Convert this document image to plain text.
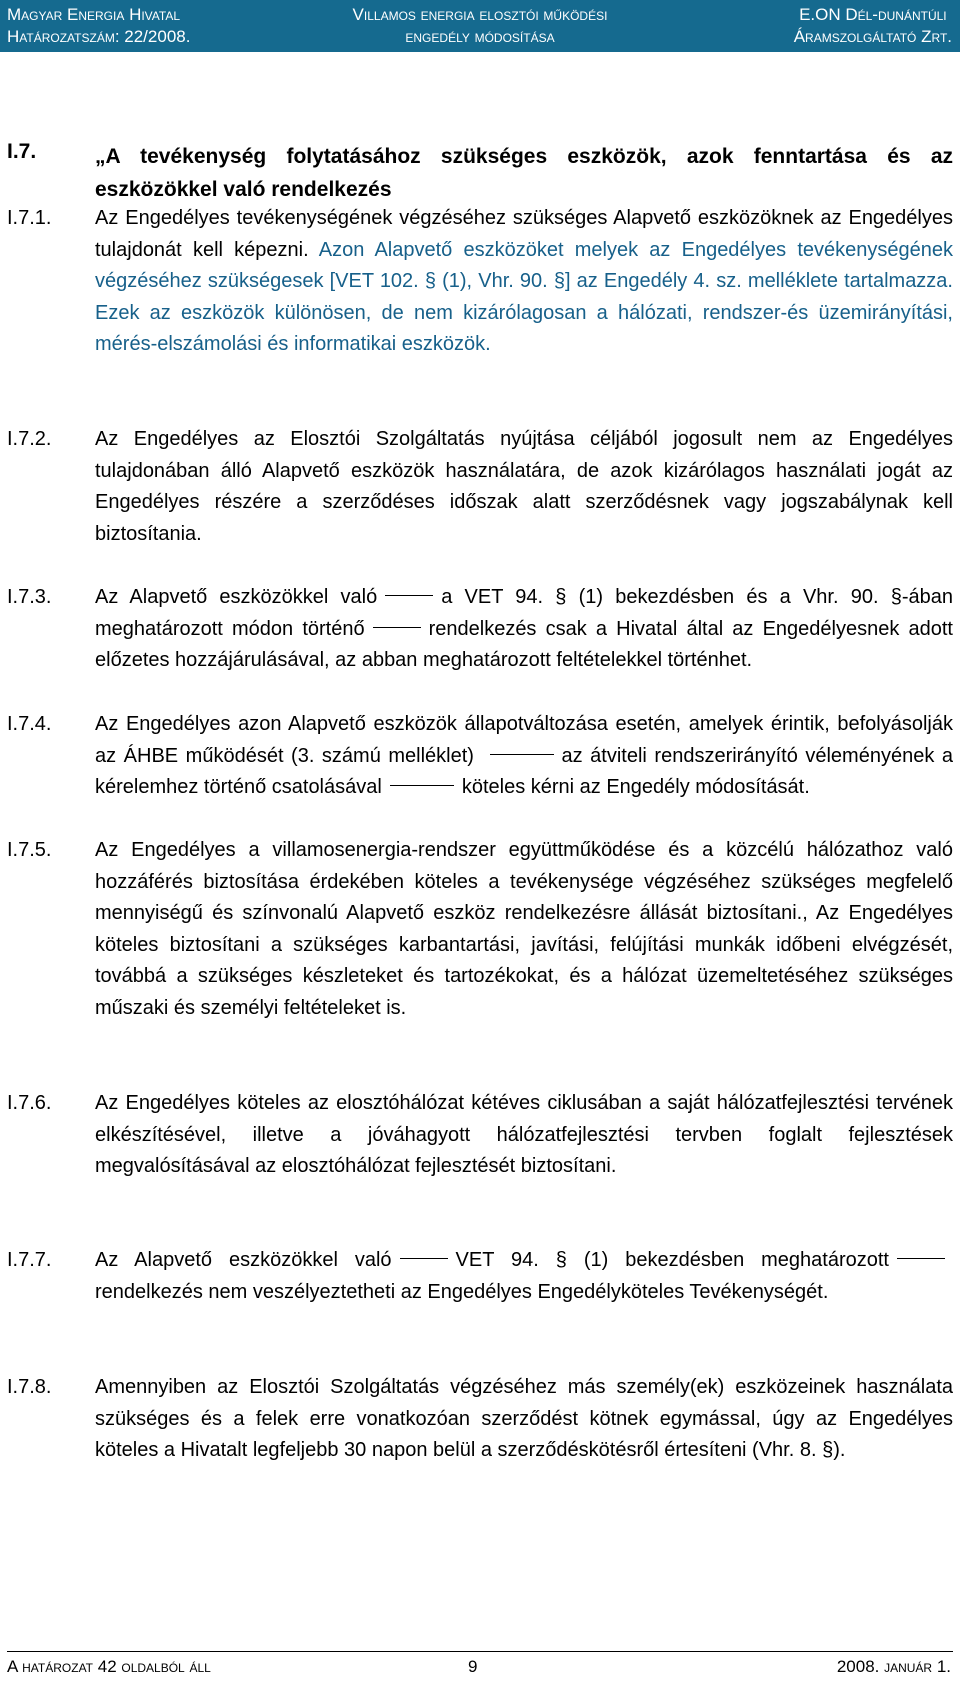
Magyar Energia Hivatal
Határozatszám: 22/2008.
Villamos energia elosztói működési
engedély módosítása
E.ON Dél-dunántúli
Áramszolgáltató Zrt.
I.7.	„A tevékenység folytatásához szükséges eszközök, azok fenntartása és az eszközökkel való rendelkezés
I.7.1. Az Engedélyes tevékenységének végzéséhez szükséges Alapvető eszközöknek az Engedélyes tulajdonát kell képezni. Azon Alapvető eszközöket melyek az Engedélyes tevékenységének végzéséhez szükségesek [VET 102. § (1), Vhr. 90. §] az Engedély 4. sz. melléklete tartalmazza. Ezek az eszközök különösen, de nem kizárólagosan a hálózati, rendszer-és üzemirányítási, mérés-elszámolási és informatikai eszközök.
I.7.2. Az Engedélyes az Elosztói Szolgáltatás nyújtása céljából jogosult nem az Engedélyes tulajdonában álló Alapvető eszközök használatára, de azok kizárólagos használati jogát az Engedélyes részére a szerződéses időszak alatt szerződésnek vagy jogszabálynak kell biztosítania.
I.7.3. Az Alapvető eszközökkel való	a VET 94. § (1) bekezdésben és a Vhr. 90. §-ában meghatározott módon történő	rendelkezés csak a Hivatal által az Engedélyesnek adott előzetes hozzájárulásával, az abban meghatározott feltételekkel történhet.
I.7.4. Az Engedélyes azon Alapvető eszközök állapotváltozása esetén, amelyek érintik, befolyásolják az ÁHBE működését (3. számú melléklet)	az átviteli rendszerirányító véleményének a kérelemhez történő csatolásával	köteles kérni az Engedély módosítását.
I.7.5. Az Engedélyes a villamosenergia-rendszer együttműködése és a közcélú hálózathoz való hozzáférés biztosítása érdekében köteles a tevékenysége végzéséhez szükséges megfelelő mennyiségű és színvonalú Alapvető eszköz rendelkezésre állását biztosítani., Az Engedélyes köteles biztosítani a szükséges karbantartási, javítási, felújítási munkák időbeni elvégzését, továbbá a szükséges készleteket és tartozékokat, és a hálózat üzemeltetéséhez szükséges műszaki és személyi feltételeket is.
I.7.6. Az Engedélyes köteles az elosztóhálózat kétéves ciklusában a saját hálózatfejlesztési tervének elkészítésével, illetve a jóváhagyott hálózatfejlesztési tervben foglalt fejlesztések megvalósításával az elosztóhálózat fejlesztését biztosítani.
I.7.7. Az Alapvető eszközökkel való	VET 94. § (1) bekezdésben meghatározottrendelkezés nem veszélyeztetheti az Engedélyes Engedélyköteles Tevékenységét.
I.7.8. Amennyiben az Elosztói Szolgáltatás végzéséhez más személy(ek) eszközeinek használata szükséges és a felek erre vonatkozóan szerződést kötnek egymással, úgy az Engedélyes köteles a Hivatalt legfeljebb 30 napon belül a szerződéskötésről értesíteni (Vhr. 8. §).
A határozat 42 oldalból áll	9	2008. január 1.
